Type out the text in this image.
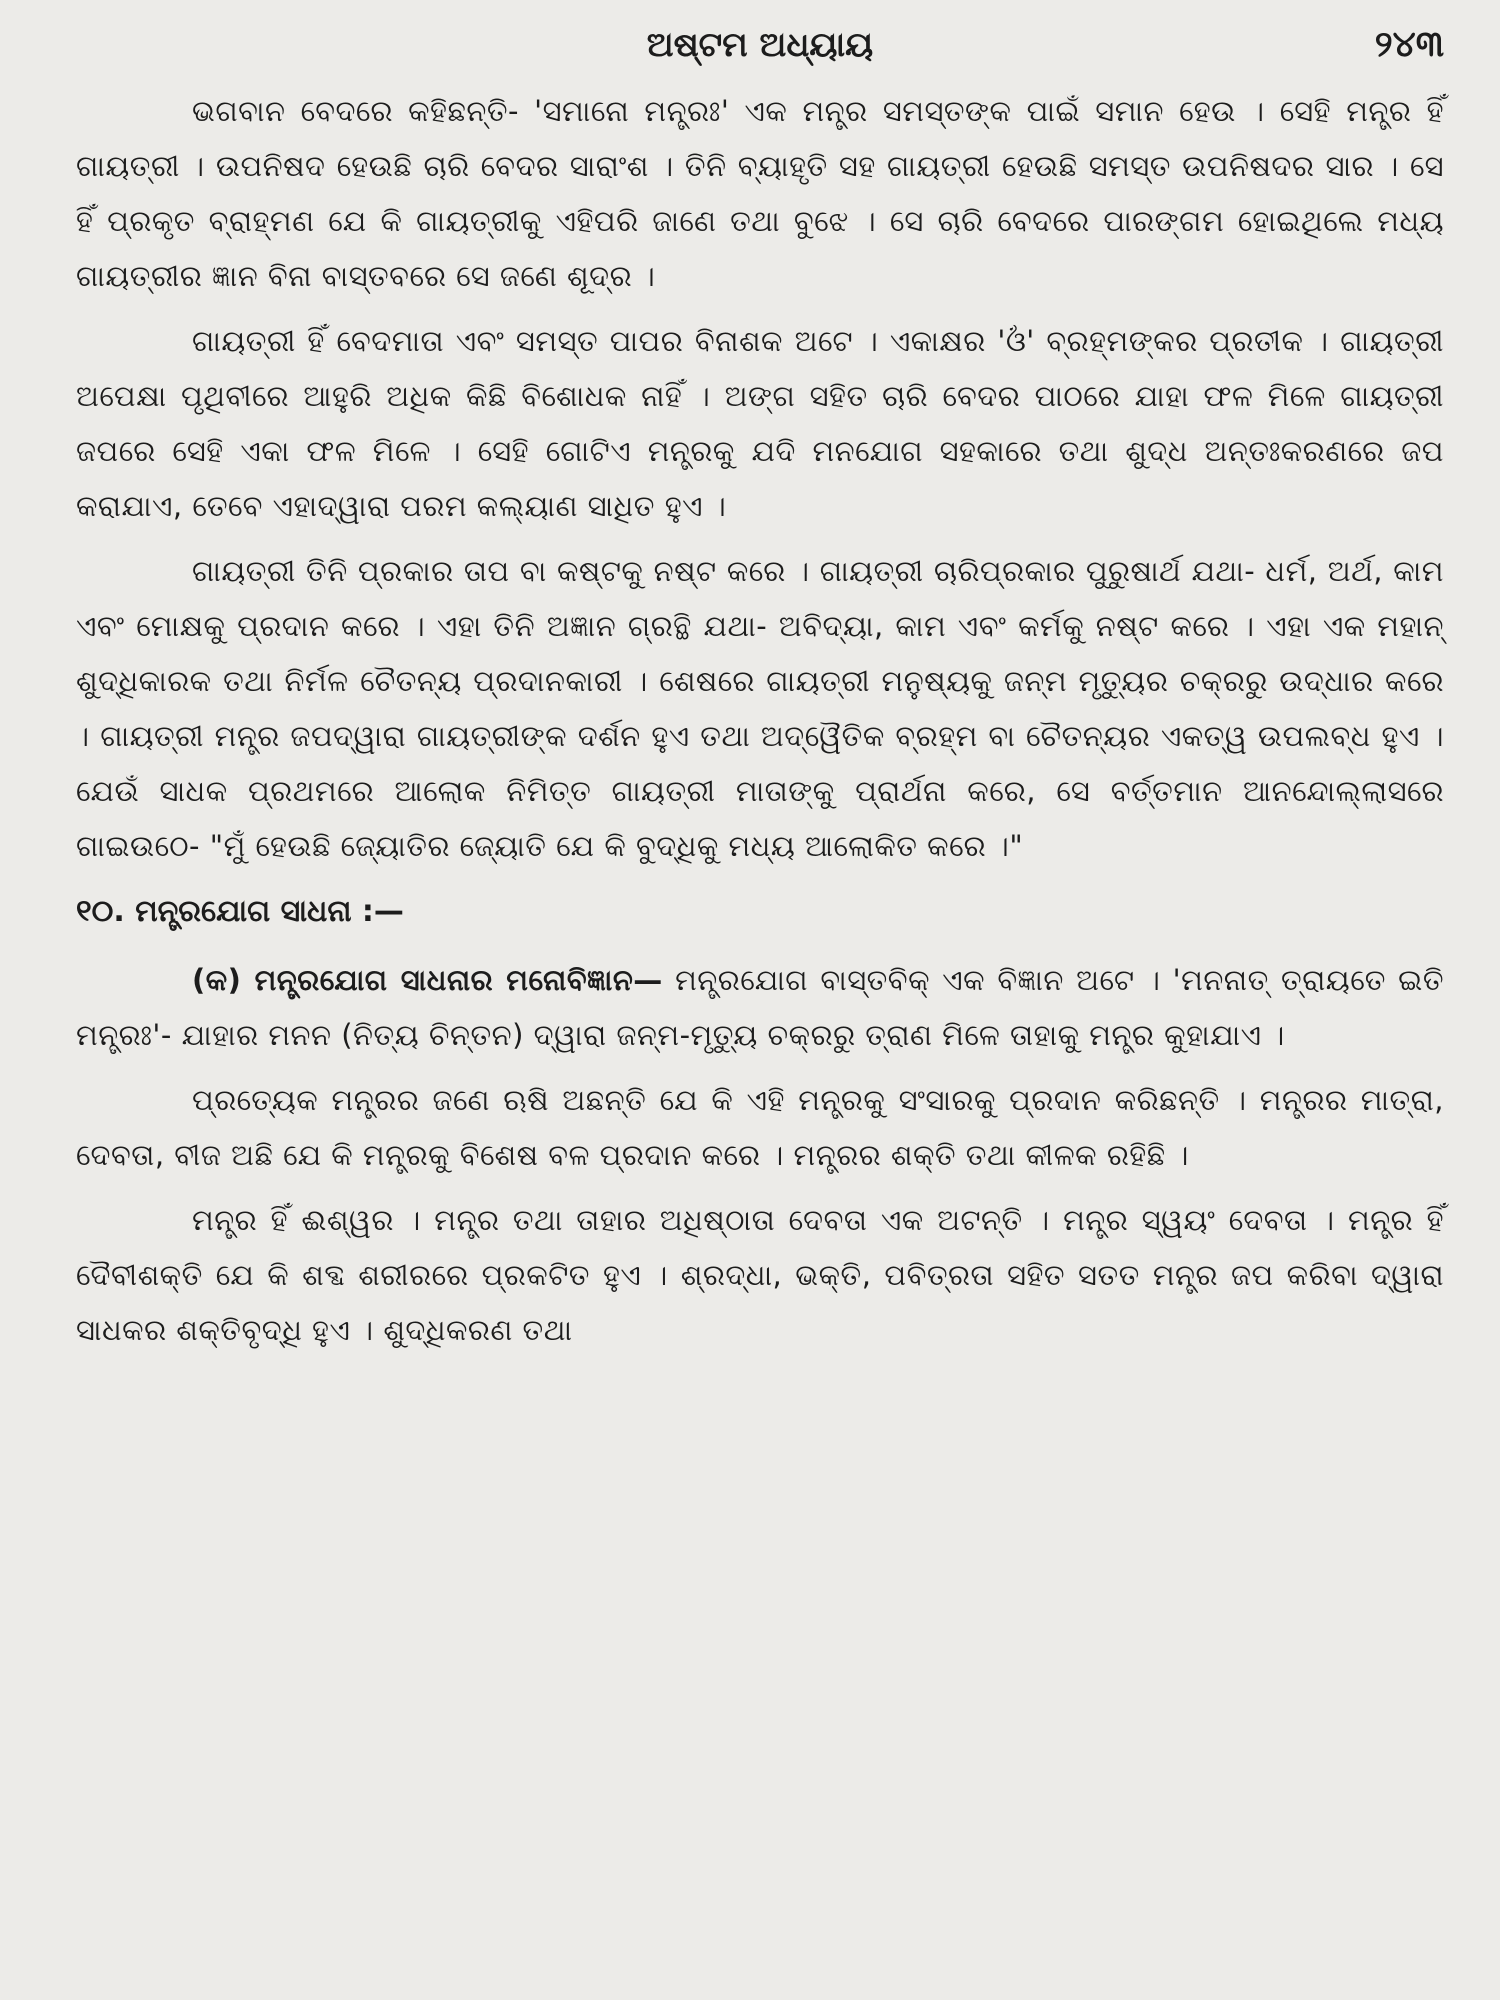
ଅଷ୍ଟମ ଅଧ୍ୟାୟ	୨୪୩

ଭଗବାନ ବେଦରେ କହିଛନ୍ତି- 'ସମାନୋ ମନ୍ତ୍ରଃ' ଏକ ମନ୍ତ୍ର ସମସ୍ତଙ୍କ ପାଇଁ ସମାନ ହେଉ । ସେହି ମନ୍ତ୍ର ହିଁ ଗାୟତ୍ରୀ । ଉପନିଷଦ ହେଉଛି ଚାରି ବେଦର ସାରାଂଶ । ତିନି ବ୍ୟାହୃତି ସହ ଗାୟତ୍ରୀ ହେଉଛି ସମସ୍ତ ଉପନିଷଦର ସାର । ସେ ହିଁ ପ୍ରକୃତ ବ୍ରାହ୍ମଣ ଯେ କି ଗାୟତ୍ରୀକୁ ଏହିପରି ଜାଣେ ତଥା ବୁଝେ । ସେ ଚାରି ବେଦରେ ପାରଙ୍ଗମ ହୋଇଥିଲେ ମଧ୍ୟ ଗାୟତ୍ରୀର ଜ୍ଞାନ ବିନା ବାସ୍ତବରେ ସେ ଜଣେ ଶୂଦ୍ର ।

ଗାୟତ୍ରୀ ହିଁ ବେଦମାତା ଏବଂ ସମସ୍ତ ପାପର ବିନାଶକ ଅଟେ । ଏକାକ୍ଷର 'ଓଁ' ବ୍ରହ୍ମଙ୍କର ପ୍ରତୀକ । ଗାୟତ୍ରୀ ଅପେକ୍ଷା ପୃଥିବୀରେ ଆହୁରି ଅଧିକ କିଛି ବିଶୋଧକ ନାହିଁ । ଅଙ୍ଗ ସହିତ ଚାରି ବେଦର ପାଠରେ ଯାହା ଫଳ ମିଳେ ଗାୟତ୍ରୀ ଜପରେ ସେହି ଏକା ଫଳ ମିଳେ । ସେହି ଗୋଟିଏ ମନ୍ତ୍ରକୁ ଯଦି ମନଯୋଗ ସହକାରେ ତଥା ଶୁଦ୍ଧ ଅନ୍ତଃକରଣରେ ଜପ କରାଯାଏ, ତେବେ ଏହାଦ୍ୱାରା ପରମ କଲ୍ୟାଣ ସାଧିତ ହୁଏ ।

ଗାୟତ୍ରୀ ତିନି ପ୍ରକାର ତାପ ବା କଷ୍ଟକୁ ନଷ୍ଟ କରେ । ଗାୟତ୍ରୀ ଚାରିପ୍ରକାର ପୁରୁଷାର୍ଥ ଯଥା- ଧର୍ମ, ଅର୍ଥ, କାମ ଏବଂ ମୋକ୍ଷକୁ ପ୍ରଦାନ କରେ । ଏହା ତିନି ଅଜ୍ଞାନ ଗ୍ରନ୍ଥି ଯଥା- ଅବିଦ୍ୟା, କାମ ଏବଂ କର୍ମକୁ ନଷ୍ଟ କରେ । ଏହା ଏକ ମହାନ୍ ଶୁଦ୍ଧିକାରକ ତଥା ନିର୍ମଳ ଚୈତନ୍ୟ ପ୍ରଦାନକାରୀ । ଶେଷରେ ଗାୟତ୍ରୀ ମନୁଷ୍ୟକୁ ଜନ୍ମ ମୃତ୍ୟୁର ଚକ୍ରରୁ ଉଦ୍ଧାର କରେ । ଗାୟତ୍ରୀ ମନ୍ତ୍ର ଜପଦ୍ୱାରା ଗାୟତ୍ରୀଙ୍କ ଦର୍ଶନ ହୁଏ ତଥା ଅଦ୍ୱୈତିକ ବ୍ରହ୍ମ ବା ଚୈତନ୍ୟର ଏକତ୍ୱ ଉପଲବ୍ଧ ହୁଏ । ଯେଉଁ ସାଧକ ପ୍ରଥମରେ ଆଲୋକ ନିମିତ୍ତ ଗାୟତ୍ରୀ ମାତାଙ୍କୁ ପ୍ରାର୍ଥନା କରେ, ସେ ବର୍ତ୍ତମାନ ଆନନ୍ଦୋଲ୍ଲାସରେ ଗାଇଉଠେ- "ମୁଁ ହେଉଛି ଜ୍ୟୋତିର ଜ୍ୟୋତି ଯେ କି ବୁଦ୍ଧିକୁ ମଧ୍ୟ ଆଲୋକିତ କରେ ।"

୧୦. ମନ୍ତ୍ରଯୋଗ ସାଧନା :—

(କ) ମନ୍ତ୍ରଯୋଗ ସାଧନାର ମନୋବିଜ୍ଞାନ— ମନ୍ତ୍ରଯୋଗ ବାସ୍ତବିକ୍ ଏକ ବିଜ୍ଞାନ ଅଟେ । 'ମନନାତ୍ ତ୍ରାୟତେ ଇତି ମନ୍ତ୍ରଃ'- ଯାହାର ମନନ (ନିତ୍ୟ ଚିନ୍ତନ) ଦ୍ୱାରା ଜନ୍ମ-ମୃତ୍ୟୁ ଚକ୍ରରୁ ତ୍ରାଣ ମିଳେ ତାହାକୁ ମନ୍ତ୍ର କୁହାଯାଏ ।

ପ୍ରତ୍ୟେକ ମନ୍ତ୍ରର ଜଣେ ଋଷି ଅଛନ୍ତି ଯେ କି ଏହି ମନ୍ତ୍ରକୁ ସଂସାରକୁ ପ୍ରଦାନ କରିଛନ୍ତି । ମନ୍ତ୍ରର ମାତ୍ରା, ଦେବତା, ବୀଜ ଅଛି ଯେ କି ମନ୍ତ୍ରକୁ ବିଶେଷ ବଳ ପ୍ରଦାନ କରେ । ମନ୍ତ୍ରର ଶକ୍ତି ତଥା କୀଳକ ରହିଛି ।

ମନ୍ତ୍ର ହିଁ ଈଶ୍ୱର । ମନ୍ତ୍ର ତଥା ତାହାର ଅଧିଷ୍ଠାତା ଦେବତା ଏକ ଅଟନ୍ତି । ମନ୍ତ୍ର ସ୍ୱୟଂ ଦେବତା । ମନ୍ତ୍ର ହିଁ ଦୈବୀଶକ୍ତି ଯେ କି ଶବ୍ଦ ଶରୀରରେ ପ୍ରକଟିତ ହୁଏ । ଶ୍ରଦ୍ଧା, ଭକ୍ତି, ପବିତ୍ରତା ସହିତ ସତତ ମନ୍ତ୍ର ଜପ କରିବା ଦ୍ୱାରା ସାଧକର ଶକ୍ତିବୃଦ୍ଧି ହୁଏ । ଶୁଦ୍ଧିକରଣ ତଥା
